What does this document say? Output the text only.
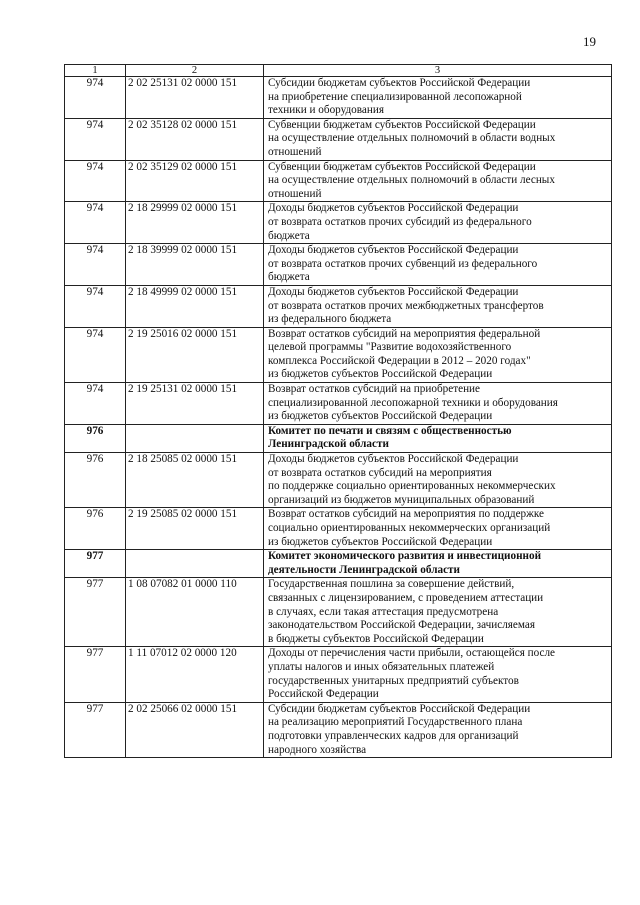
19
1	2	3
974	2 02 25131 02 0000 151	Субсидии бюджетам субъектов Российской Федерации
на приобретение специализированной лесопожарной
техники и оборудования

974	2 02 35128 02 0000 151	Субвенции бюджетам субъектов Российской Федерации
на осуществление отдельных полномочий в области водных
отношений

974	2 02 35129 02 0000 151	Субвенции бюджетам субъектов Российской Федерации
на осуществление отдельных полномочий в области лесных
отношений

974	2 18 29999 02 0000 151	Доходы бюджетов субъектов Российской Федерации
от возврата остатков прочих субсидий из федерального
бюджета

974	2 18 39999 02 0000 151	Доходы бюджетов субъектов Российской Федерации
от возврата остатков прочих субвенций из федерального
бюджета

974	2 18 49999 02 0000 151	Доходы бюджетов субъектов Российской Федерации
от возврата остатков прочих межбюджетных трансфертов
из федерального бюджета

974	2 19 25016 02 0000 151	Возврат остатков субсидий на мероприятия федеральной
целевой программы "Развитие водохозяйственного
комплекса Российской Федерации в 2012 – 2020 годах"
из бюджетов субъектов Российской Федерации

974	2 19 25131 02 0000 151	Возврат остатков субсидий на приобретение
специализированной лесопожарной техники и оборудования
из бюджетов субъектов Российской Федерации

976		Комитет по печати и связям с общественностью
Ленинградской области

976	2 18 25085 02 0000 151	Доходы бюджетов субъектов Российской Федерации
от возврата остатков субсидий на мероприятия
по поддержке социально ориентированных некоммерческих
организаций из бюджетов муниципальных образований

976	2 19 25085 02 0000 151	Возврат остатков субсидий на мероприятия по поддержке
социально ориентированных некоммерческих организаций
из бюджетов субъектов Российской Федерации

977		Комитет экономического развития и инвестиционной
деятельности Ленинградской области

977	1 08 07082 01 0000 110	Государственная пошлина за совершение действий,
связанных с лицензированием, с проведением аттестации
в случаях, если такая аттестация предусмотрена
законодательством Российской Федерации, зачисляемая
в бюджеты субъектов Российской Федерации

977	1 11 07012 02 0000 120	Доходы от перечисления части прибыли, остающейся после
уплаты налогов и иных обязательных платежей
государственных унитарных предприятий субъектов
Российской Федерации

977	2 02 25066 02 0000 151	Субсидии бюджетам субъектов Российской Федерации
на реализацию мероприятий Государственного плана
подготовки управленческих кадров для организаций
народного хозяйства
